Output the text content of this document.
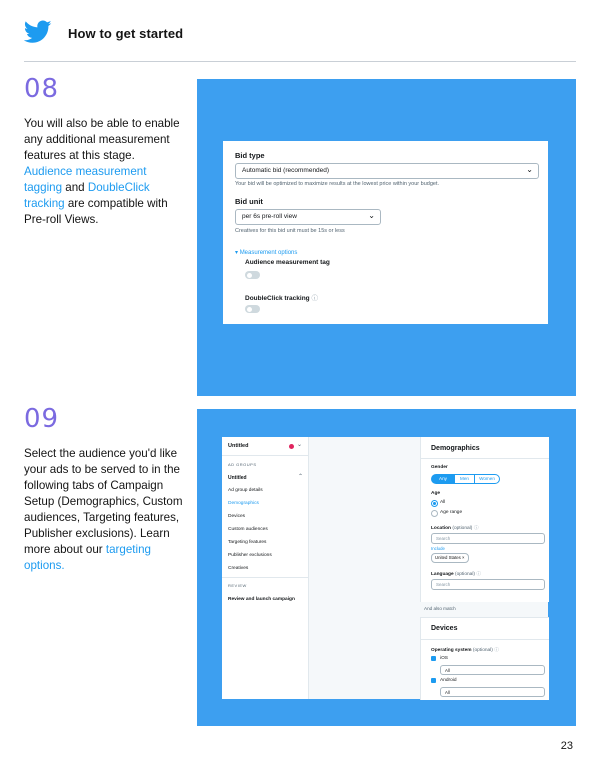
How to get started
08
You will also be able to enable
any additional measurement
features at this stage.
Audience measurement
tagging and DoubleClick
tracking are compatible with
Pre-roll Views.
Bid type
Automatic bid (recommended)	⌄
Your bid will be optimized to maximize results at the lowest price within your budget.
Bid unit
per 6s pre-roll view	⌄
Creatives for this bid unit must be 15s or less
▾ Measurement options
Audience measurement tag
DoubleClick tracking ⓘ
09
Select the audience you'd like
your ads to be served to in the
following tabs of Campaign
Setup (Demographics, Custom
audiences, Targeting features,
Publisher exclusions). Learn
more about our targeting
options.
Untitled	⌄
AD GROUPS
Untitled	⌃
Ad group details
Demographics
Devices
Custom audiences
Targeting features
Publisher exclusions
Creatives
REVIEW
Review and launch campaign
Demographics
Gender
Any	Men	Women
Age
All
Age range
Location (optional) ⓘ
Search
Include
United States ×
Language (optional) ⓘ
Search
And also match
Devices
Operating system (optional) ⓘ
iOS
All
Android
All
23
